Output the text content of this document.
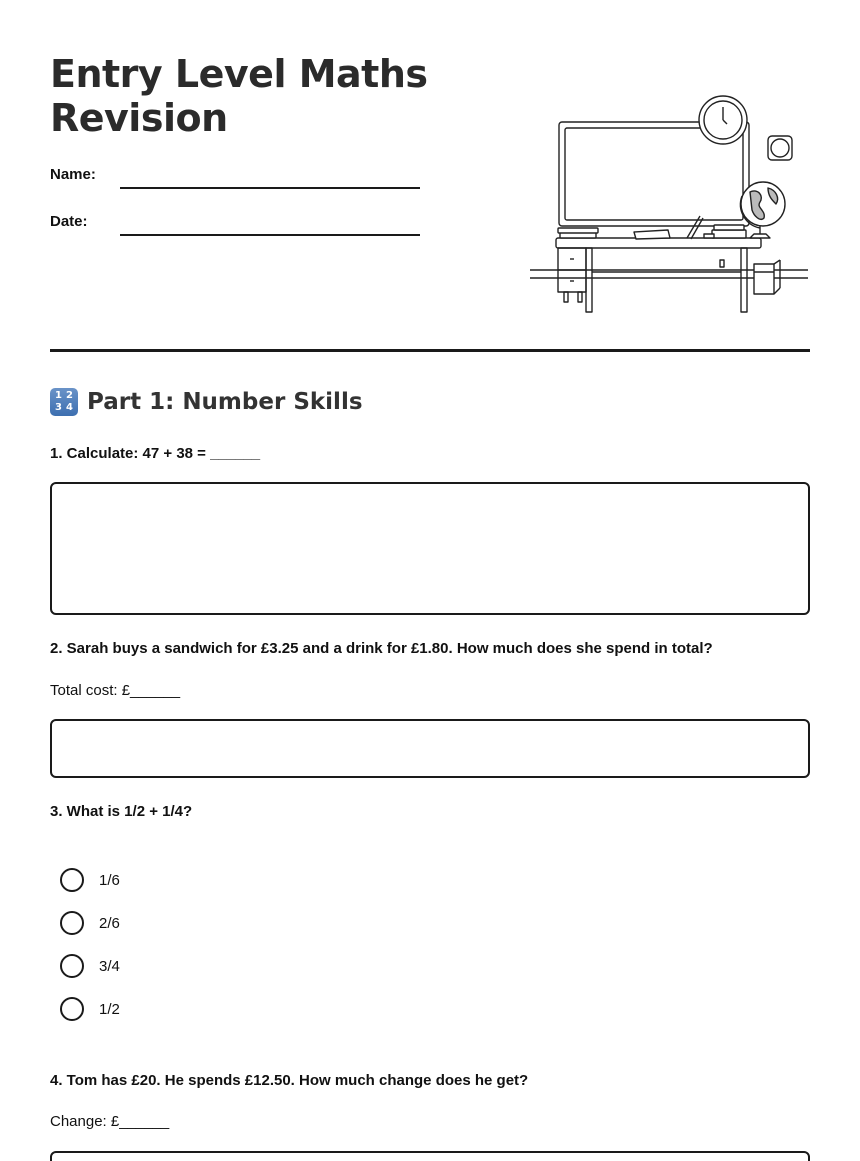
Entry Level Maths Revision
Name:
Date:
1 2
3 4 Part 1: Number Skills
1. Calculate: 47 + 38 = ______
2. Sarah buys a sandwich for £3.25 and a drink for £1.80. How much does she spend in total?
Total cost: £______
3. What is 1/2 + 1/4?
1/6
2/6
3/4
1/2
4. Tom has £20. He spends £12.50. How much change does he get?
Change: £______
